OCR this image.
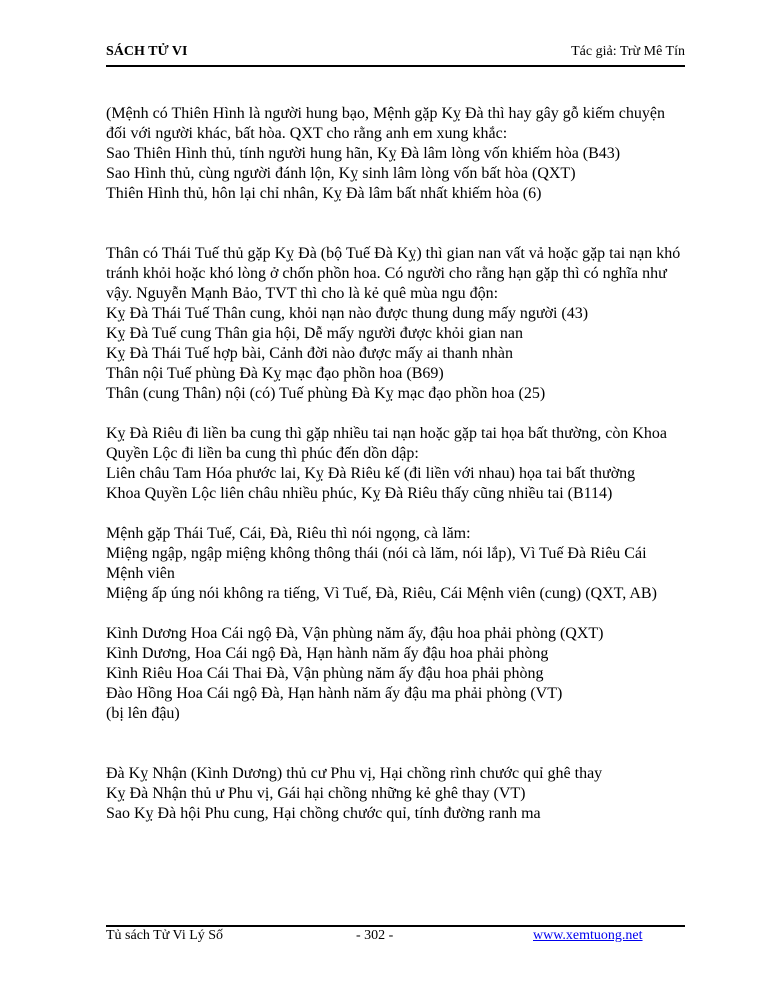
SÁCH TỬ VI	Tác giả: Trừ Mê Tín

(Mệnh có Thiên Hình là người hung bạo, Mệnh gặp Kỵ Đà thì hay gây gỗ kiếm chuyện đối với người khác, bất hòa. QXT cho rằng anh em xung khắc:

Sao Thiên Hình thủ, tính người hung hãn, Kỵ Đà lâm lòng vốn khiếm hòa (B43)

Sao Hình thủ, cùng người đánh lộn, Kỵ sinh lâm lòng vốn bất hòa (QXT)

Thiên Hình thủ, hôn lại chỉ nhân, Kỵ Đà lâm bất nhất khiếm hòa (6)

Thân có Thái Tuế thủ gặp Kỵ Đà (bộ Tuế Đà Kỵ) thì gian nan vất vả hoặc gặp tai nạn khó tránh khỏi hoặc khó lòng ở chốn phồn hoa. Có người cho rằng hạn gặp thì có nghĩa như vậy. Nguyễn Mạnh Bảo, TVT thì cho là kẻ quê mùa ngu độn:

Kỵ Đà Thái Tuế Thân cung, khỏi nạn nào được thung dung mấy người (43)

Kỵ Đà Tuế cung Thân gia hội, Dễ mấy người được khỏi gian nan

Kỵ Đà Thái Tuế hợp bài, Cảnh đời nào được mấy ai thanh nhàn

Thân nội Tuế phùng Đà Kỵ mạc đạo phồn hoa (B69)

Thân (cung Thân) nội (có) Tuế phùng Đà Kỵ mạc đạo phồn hoa (25)

Kỵ Đà Riêu đi liền ba cung thì gặp nhiều tai nạn hoặc gặp tai họa bất thường, còn Khoa Quyền Lộc đi liền ba cung thì phúc đến dồn dập:

Liên châu Tam Hóa phước lai, Kỵ Đà Riêu kế (đi liền với nhau) họa tai bất thường

Khoa Quyền Lộc liên châu nhiều phúc, Kỵ Đà Riêu thấy cũng nhiều tai (B114)

Mệnh gặp Thái Tuế, Cái, Đà, Riêu thì nói ngọng, cà lăm:

Miệng ngập, ngập miệng không thông thái (nói cà lăm, nói lắp), Vì Tuế Đà Riêu Cái Mệnh viên

Miệng ấp úng nói không ra tiếng, Vì Tuế, Đà, Riêu, Cái Mệnh viên (cung) (QXT, AB)

Kình Dương Hoa Cái ngộ Đà, Vận phùng năm ấy, đậu hoa phải phòng (QXT)

Kình Dương, Hoa Cái ngộ Đà, Hạn hành năm ấy đậu hoa phải phòng

Kình Riêu Hoa Cái Thai Đà, Vận phùng năm ấy đậu hoa phải phòng

Đào Hồng Hoa Cái ngộ Đà, Hạn hành năm ấy đậu ma phải phòng (VT)

(bị lên đậu)

Đà Kỵ Nhận (Kình Dương) thủ cư Phu vị, Hại chồng rình chước quỉ ghê thay

Kỵ Đà Nhận thủ ư Phu vị, Gái hại chồng những kẻ ghê thay (VT)

Sao Kỵ Đà hội Phu cung, Hại chồng chước quỉ, tính đường ranh ma

Tủ sách Tử Vi Lý Số	- 302 -	www.xemtuong.net
